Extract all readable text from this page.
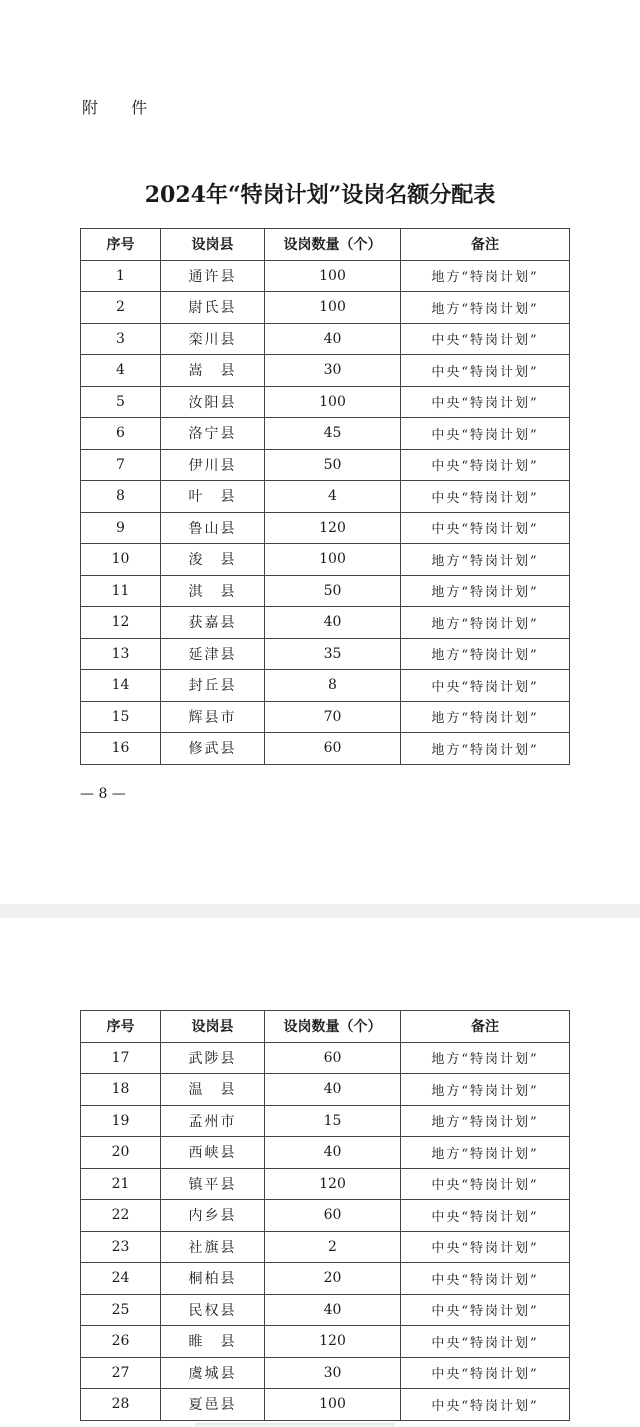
附 件
2024年“特岗计划”设岗名额分配表
序号	设岗县	设岗数量（个）	备注
1	通许县	100	地方“特岗计划”
2	尉氏县	100	地方“特岗计划”
3	栾川县	40	中央“特岗计划”
4	嵩　县	30	中央“特岗计划”
5	汝阳县	100	中央“特岗计划”
6	洛宁县	45	中央“特岗计划”
7	伊川县	50	中央“特岗计划”
8	叶　县	4	中央“特岗计划”
9	鲁山县	120	中央“特岗计划”
10	浚　县	100	地方“特岗计划”
11	淇　县	50	地方“特岗计划”
12	获嘉县	40	地方“特岗计划”
13	延津县	35	地方“特岗计划”
14	封丘县	8	中央“特岗计划”
15	辉县市	70	地方“特岗计划”
16	修武县	60	地方“特岗计划”
— 8 —
序号	设岗县	设岗数量（个）	备注
17	武陟县	60	地方“特岗计划”
18	温　县	40	地方“特岗计划”
19	孟州市	15	地方“特岗计划”
20	西峡县	40	地方“特岗计划”
21	镇平县	120	中央“特岗计划”
22	内乡县	60	中央“特岗计划”
23	社旗县	2	中央“特岗计划”
24	桐柏县	20	中央“特岗计划”
25	民权县	40	中央“特岗计划”
26	睢　县	120	中央“特岗计划”
27	虞城县	30	中央“特岗计划”
28	夏邑县	100	中央“特岗计划”
